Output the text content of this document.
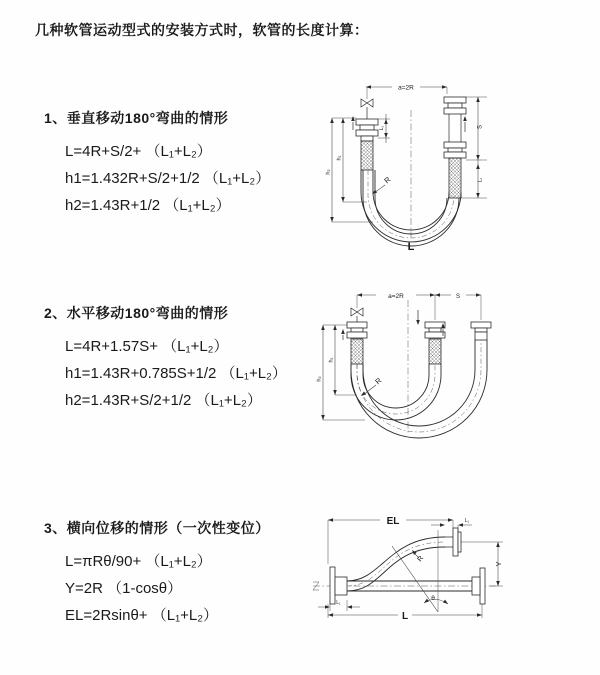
几种软管运动型式的安装方式时，软管的长度计算：
1、垂直移动180°弯曲的情形
L=4R+S/2+ （L₁+L₂）
h1=1.432R+S/2+1/2 （L₁+L₂）
h2=1.43R+1/2 （L₁+L₂）
2、水平移动180°弯曲的情形
L=4R+1.57S+ （L₁+L₂）
h1=1.43R+0.785S+1/2 （L₁+L₂）
h2=1.43R+S/2+1/2 （L₁+L₂）
3、横向位移的情形（一次性变位）
L=πRθ/90+ （L₁+L₂）
Y=2R （1-cosθ）
EL=2Rsinθ+ （L₁+L₂）
a=2R
L₁
h₁
h₂
S
L₁
R
L
a=2R	S
h₁
h₂	R
EL	L₁
Y
R
θ
L
L₁
